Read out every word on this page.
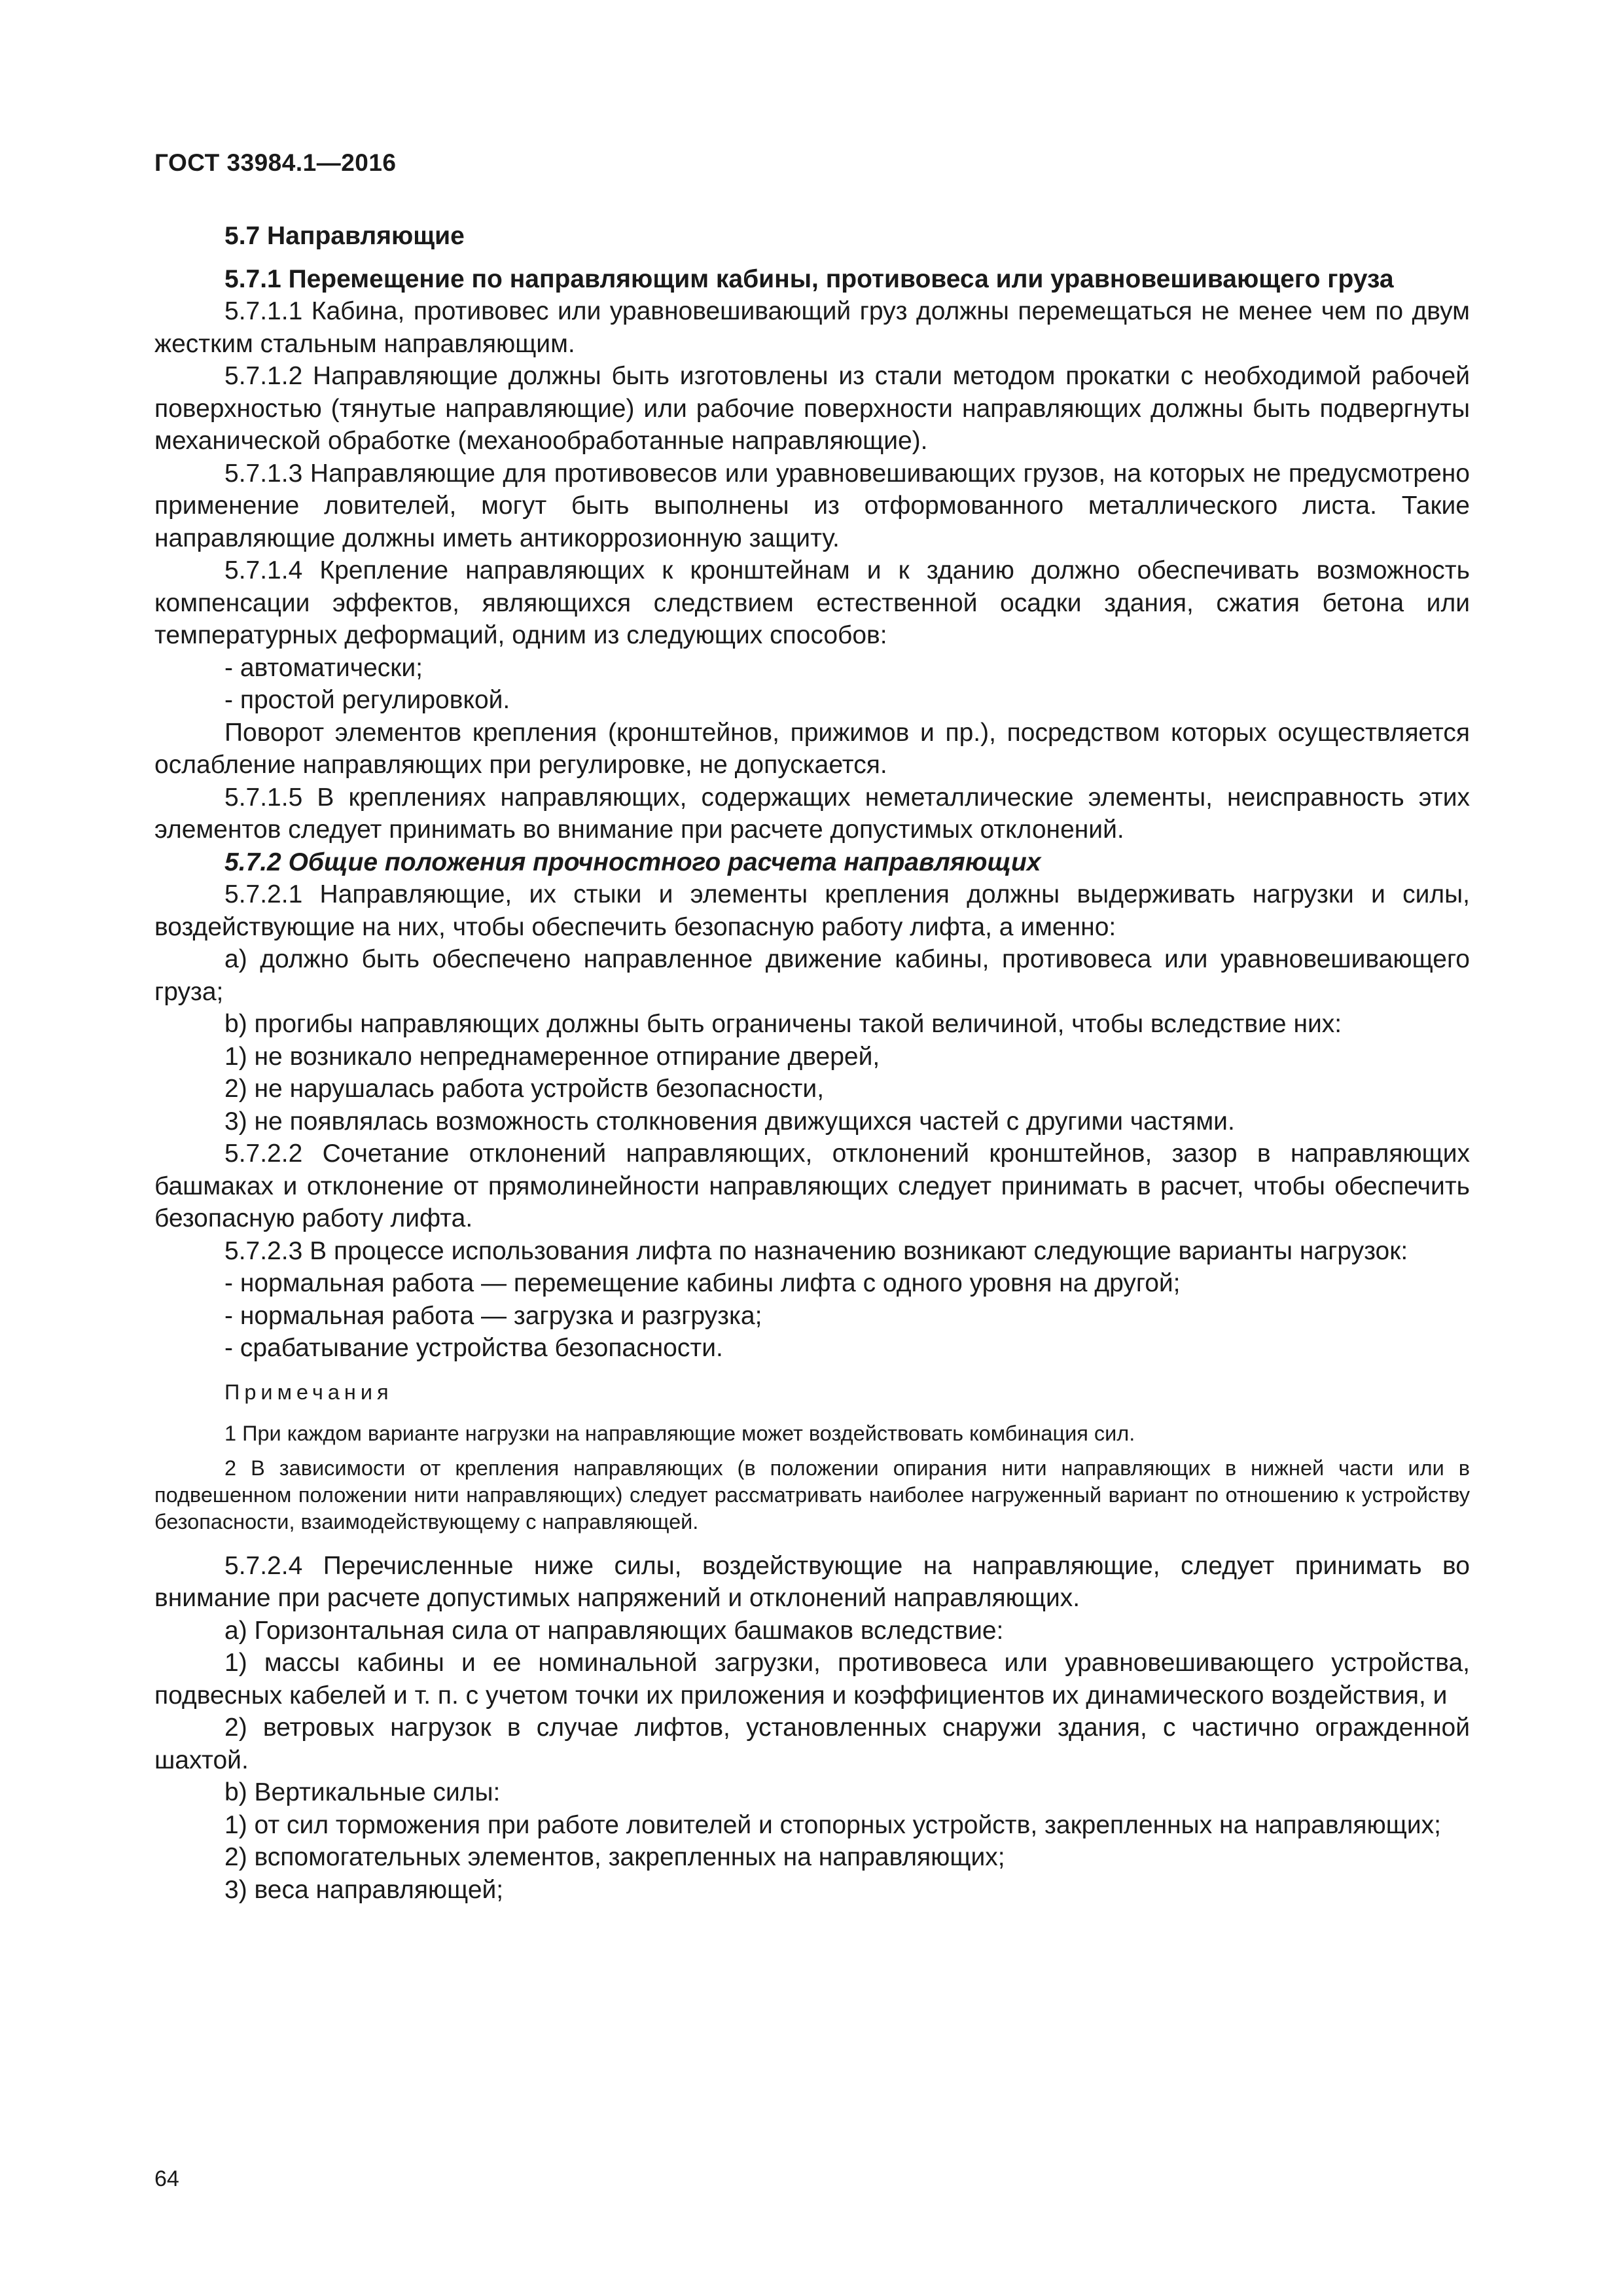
ГОСТ 33984.1—2016

5.7 Направляющие

5.7.1 Перемещение по направляющим кабины, противовеса или уравновешивающего груза

5.7.1.1 Кабина, противовес или уравновешивающий груз должны перемещаться не менее чем по двум жестким стальным направляющим.

5.7.1.2 Направляющие должны быть изготовлены из стали методом прокатки с необходимой рабочей поверхностью (тянутые направляющие) или рабочие поверхности направляющих должны быть подвергнуты механической обработке (механообработанные направляющие).

5.7.1.3 Направляющие для противовесов или уравновешивающих грузов, на которых не предусмотрено применение ловителей, могут быть выполнены из отформованного металлического листа. Такие направляющие должны иметь антикоррозионную защиту.

5.7.1.4 Крепление направляющих к кронштейнам и к зданию должно обеспечивать возможность компенсации эффектов, являющихся следствием естественной осадки здания, сжатия бетона или температурных деформаций, одним из следующих способов:

- автоматически;

- простой регулировкой.

Поворот элементов крепления (кронштейнов, прижимов и пр.), посредством которых осуществляется ослабление направляющих при регулировке, не допускается.

5.7.1.5 В креплениях направляющих, содержащих неметаллические элементы, неисправность этих элементов следует принимать во внимание при расчете допустимых отклонений.

5.7.2 Общие положения прочностного расчета направляющих

5.7.2.1 Направляющие, их стыки и элементы крепления должны выдерживать нагрузки и силы, воздействующие на них, чтобы обеспечить безопасную работу лифта, а именно:

а) должно быть обеспечено направленное движение кабины, противовеса или уравновешивающего груза;

b) прогибы направляющих должны быть ограничены такой величиной, чтобы вследствие них:

1) не возникало непреднамеренное отпирание дверей,

2) не нарушалась работа устройств безопасности,

3) не появлялась возможность столкновения движущихся частей с другими частями.

5.7.2.2 Сочетание отклонений направляющих, отклонений кронштейнов, зазор в направляющих башмаках и отклонение от прямолинейности направляющих следует принимать в расчет, чтобы обеспечить безопасную работу лифта.

5.7.2.3 В процессе использования лифта по назначению возникают следующие варианты нагрузок:

- нормальная работа — перемещение кабины лифта с одного уровня на другой;

- нормальная работа — загрузка и разгрузка;

- срабатывание устройства безопасности.

Примечания

1 При каждом варианте нагрузки на направляющие может воздействовать комбинация сил.

2 В зависимости от крепления направляющих (в положении опирания нити направляющих в нижней части или в подвешенном положении нити направляющих) следует рассматривать наиболее нагруженный вариант по отношению к устройству безопасности, взаимодействующему с направляющей.

5.7.2.4 Перечисленные ниже силы, воздействующие на направляющие, следует принимать во внимание при расчете допустимых напряжений и отклонений направляющих.

а) Горизонтальная сила от направляющих башмаков вследствие:

1) массы кабины и ее номинальной загрузки, противовеса или уравновешивающего устройства, подвесных кабелей и т. п. с учетом точки их приложения и коэффициентов их динамического воздействия, и

2) ветровых нагрузок в случае лифтов, установленных снаружи здания, с частично огражденной шахтой.

b) Вертикальные силы:

1) от сил торможения при работе ловителей и стопорных устройств, закрепленных на направляющих;

2) вспомогательных элементов, закрепленных на направляющих;

3) веса направляющей;

64
